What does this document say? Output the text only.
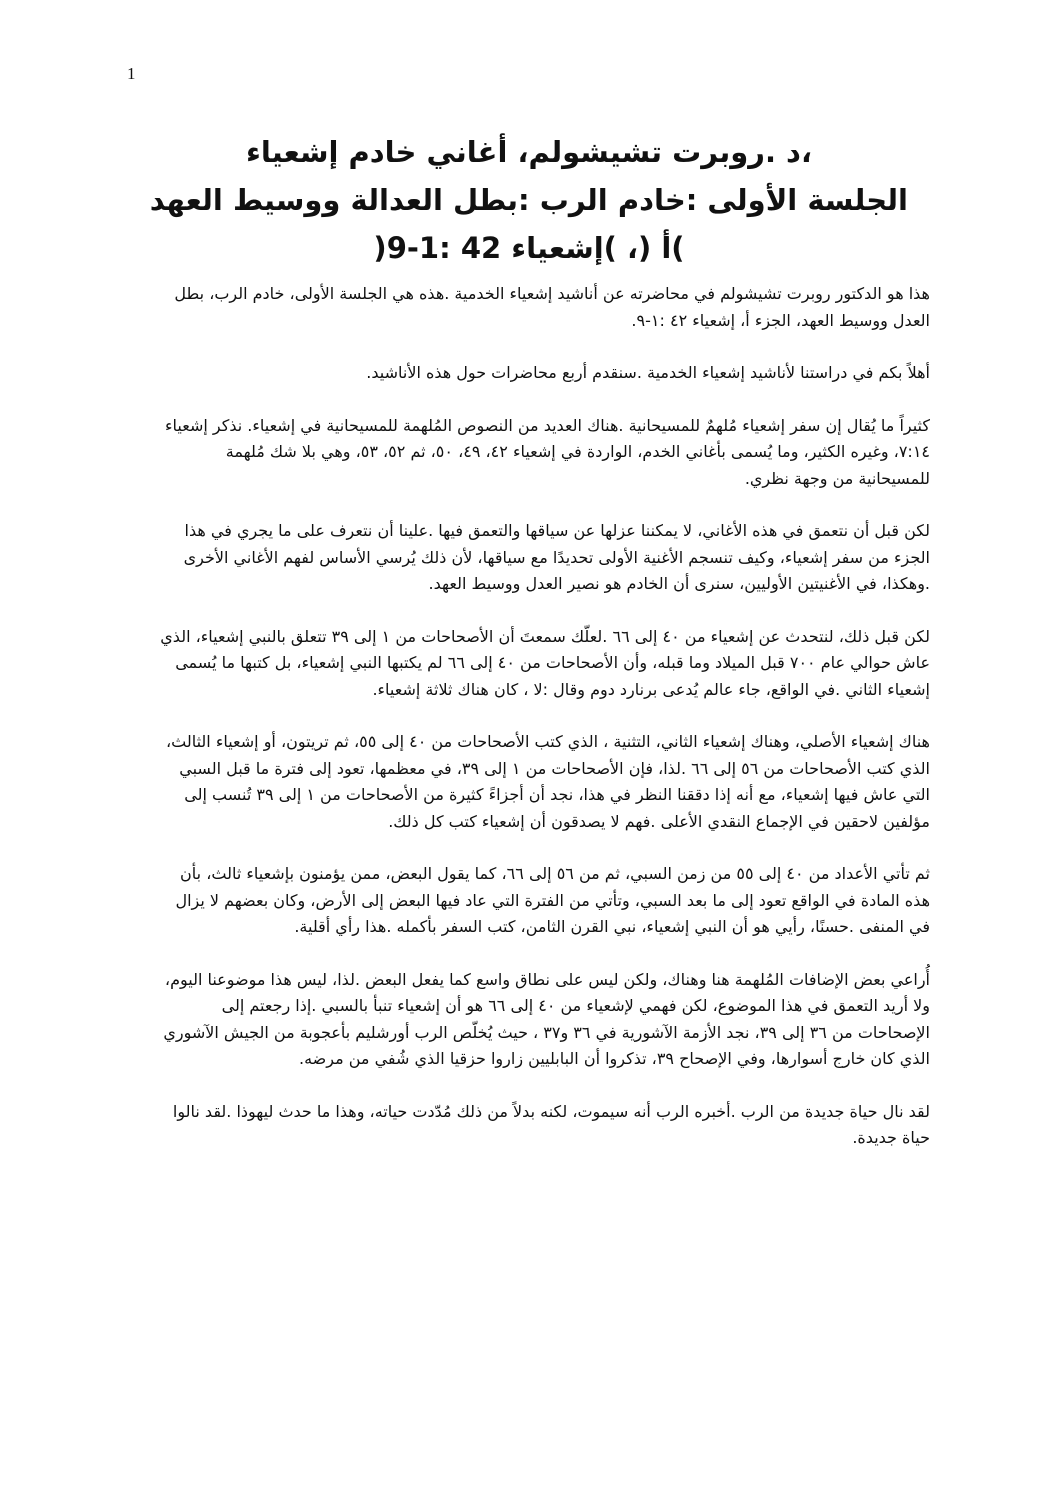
1
،د .روبرت تشيشولم، أغاني خادم إشعياء
الجلسة الأولى :خادم الرب :بطل العدالة ووسيط العهد
)أ (، )إشعياء 42 :1-9(

هذا هو الدكتور روبرت تشيشولم في محاضرته عن أناشيد إشعياء الخدمية .هذه هي الجلسة الأولى، خادم الرب، بطل العدل ووسيط العهد، الجزء أ، إشعياء ٤٢ :١-٩.

أهلاً بكم في دراستنا لأناشيد إشعياء الخدمية .سنقدم أربع محاضرات حول هذه الأناشيد.

كثيراً ما يُقال إن سفر إشعياء مُلهمٌ للمسيحانية .هناك العديد من النصوص المُلهمة للمسيحانية في إشعياء. نذكر إشعياء ٧:١٤، وغيره الكثير، وما يُسمى بأغاني الخدم، الواردة في إشعياء ٤٢، ٤٩، ٥٠، ثم ٥٢، ٥٣، وهي بلا شك مُلهمة للمسيحانية من وجهة نظري.

لكن قبل أن نتعمق في هذه الأغاني، لا يمكننا عزلها عن سياقها والتعمق فيها .علينا أن نتعرف على ما يجري في هذا الجزء من سفر إشعياء، وكيف تنسجم الأغنية الأولى تحديدًا مع سياقها، لأن ذلك يُرسي الأساس لفهم الأغاني الأخرى .وهكذا، في الأغنيتين الأوليين، سنرى أن الخادم هو نصير العدل ووسيط العهد.

لكن قبل ذلك، لنتحدث عن إشعياء من ٤٠ إلى ٦٦ .لعلّك سمعتَ أن الأصحاحات من ١ إلى ٣٩ تتعلق بالنبي إشعياء، الذي عاش حوالي عام ٧٠٠ قبل الميلاد وما قبله، وأن الأصحاحات من ٤٠ إلى ٦٦ لم يكتبها النبي إشعياء، بل كتبها ما يُسمى إشعياء الثاني .في الواقع، جاء عالم يُدعى برنارد دوم وقال :لا ، كان هناك ثلاثة إشعياء.

هناك إشعياء الأصلي، وهناك إشعياء الثاني، التثنية ، الذي كتب الأصحاحات من ٤٠ إلى ٥٥، ثم تريتون، أو إشعياء الثالث، الذي كتب الأصحاحات من ٥٦ إلى ٦٦ .لذا، فإن الأصحاحات من ١ إلى ٣٩، في معظمها، تعود إلى فترة ما قبل السبي التي عاش فيها إشعياء، مع أنه إذا دققنا النظر في هذا، نجد أن أجزاءً كثيرة من الأصحاحات من ١ إلى ٣٩ تُنسب إلى مؤلفين لاحقين في الإجماع النقدي الأعلى .فهم لا يصدقون أن إشعياء كتب كل ذلك.

ثم تأتي الأعداد من ٤٠ إلى ٥٥ من زمن السبي، ثم من ٥٦ إلى ٦٦، كما يقول البعض، ممن يؤمنون بإشعياء ثالث، بأن هذه المادة في الواقع تعود إلى ما بعد السبي، وتأتي من الفترة التي عاد فيها البعض إلى الأرض، وكان بعضهم لا يزال في المنفى .حسنًا، رأيي هو أن النبي إشعياء، نبي القرن الثامن، كتب السفر بأكمله .هذا رأي أقلية.

أُراعي بعض الإضافات المُلهمة هنا وهناك، ولكن ليس على نطاق واسع كما يفعل البعض .لذا، ليس هذا موضوعنا اليوم، ولا أريد التعمق في هذا الموضوع، لكن فهمي لإشعياء من ٤٠ إلى ٦٦ هو أن إشعياء تنبأ بالسبي .إذا رجعتم إلى الإصحاحات من ٣٦ إلى ٣٩، نجد الأزمة الآشورية في ٣٦ و٣٧ ، حيث يُخلّص الرب أورشليم بأعجوبة من الجيش الآشوري الذي كان خارج أسوارها، وفي الإصحاح ٣٩، تذكروا أن البابليين زاروا حزقيا الذي شُفي من مرضه.

لقد نال حياة جديدة من الرب .أخبره الرب أنه سيموت، لكنه بدلاً من ذلك مُدّدت حياته، وهذا ما حدث ليهوذا .لقد نالوا حياة جديدة.
